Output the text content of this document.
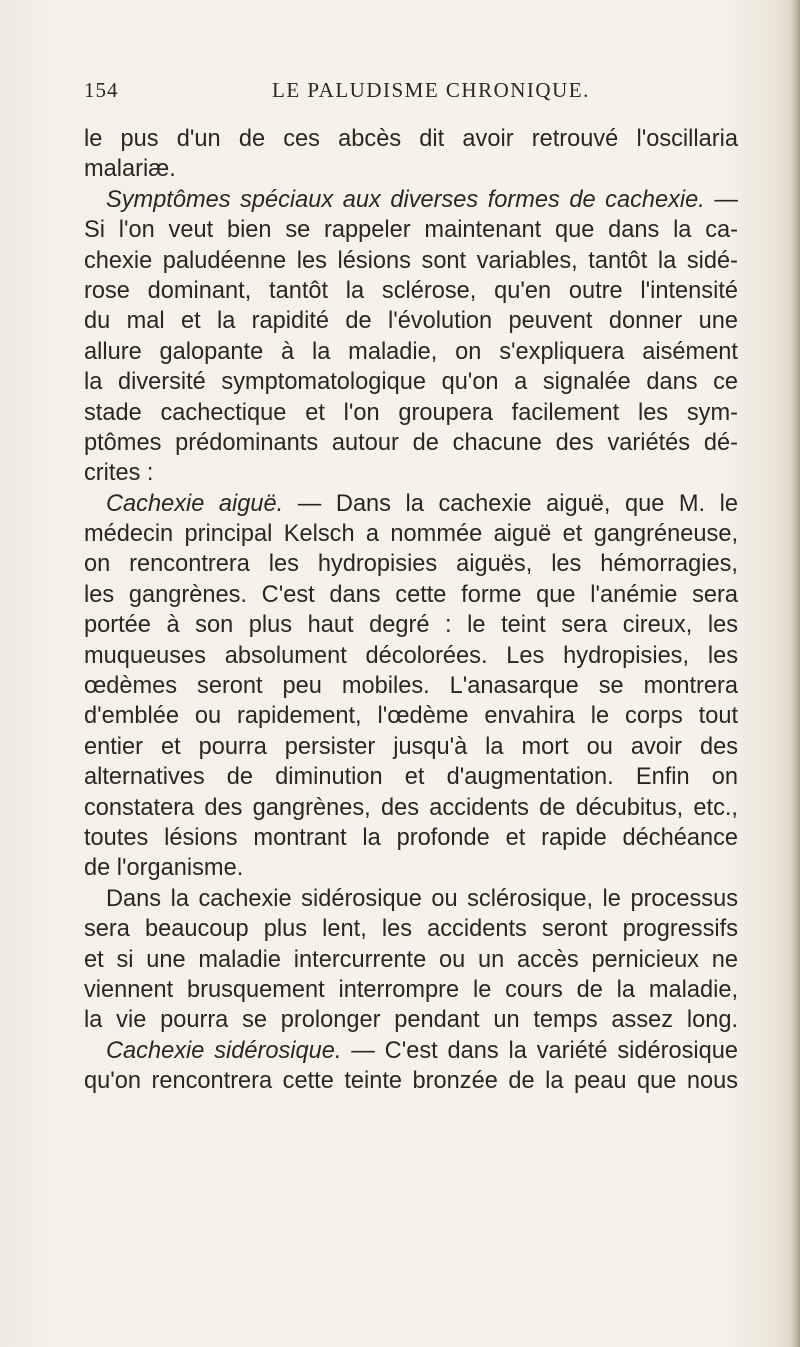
154	LE PALUDISME CHRONIQUE.
le pus d'un de ces abcès dit avoir retrouvé l'oscillaria
malariæ.
Symptômes spéciaux aux diverses formes de cachexie. —
Si l'on veut bien se rappeler maintenant que dans la ca-
chexie paludéenne les lésions sont variables, tantôt la sidé-
rose dominant, tantôt la sclérose, qu'en outre l'intensité
du mal et la rapidité de l'évolution peuvent donner une
allure galopante à la maladie, on s'expliquera aisément
la diversité symptomatologique qu'on a signalée dans ce
stade cachectique et l'on groupera facilement les sym-
ptômes prédominants autour de chacune des variétés dé-
crites :
Cachexie aiguë. — Dans la cachexie aiguë, que M. le
médecin principal Kelsch a nommée aiguë et gangréneuse,
on rencontrera les hydropisies aiguës, les hémorragies,
les gangrènes. C'est dans cette forme que l'anémie sera
portée à son plus haut degré : le teint sera cireux, les
muqueuses absolument décolorées. Les hydropisies, les
œdèmes seront peu mobiles. L'anasarque se montrera
d'emblée ou rapidement, l'œdème envahira le corps tout
entier et pourra persister jusqu'à la mort ou avoir des
alternatives de diminution et d'augmentation. Enfin on
constatera des gangrènes, des accidents de décubitus, etc.,
toutes lésions montrant la profonde et rapide déchéance
de l'organisme.
Dans la cachexie sidérosique ou sclérosique, le processus
sera beaucoup plus lent, les accidents seront progressifs
et si une maladie intercurrente ou un accès pernicieux ne
viennent brusquement interrompre le cours de la maladie,
la vie pourra se prolonger pendant un temps assez long.
Cachexie sidérosique. — C'est dans la variété sidérosique
qu'on rencontrera cette teinte bronzée de la peau que nous
